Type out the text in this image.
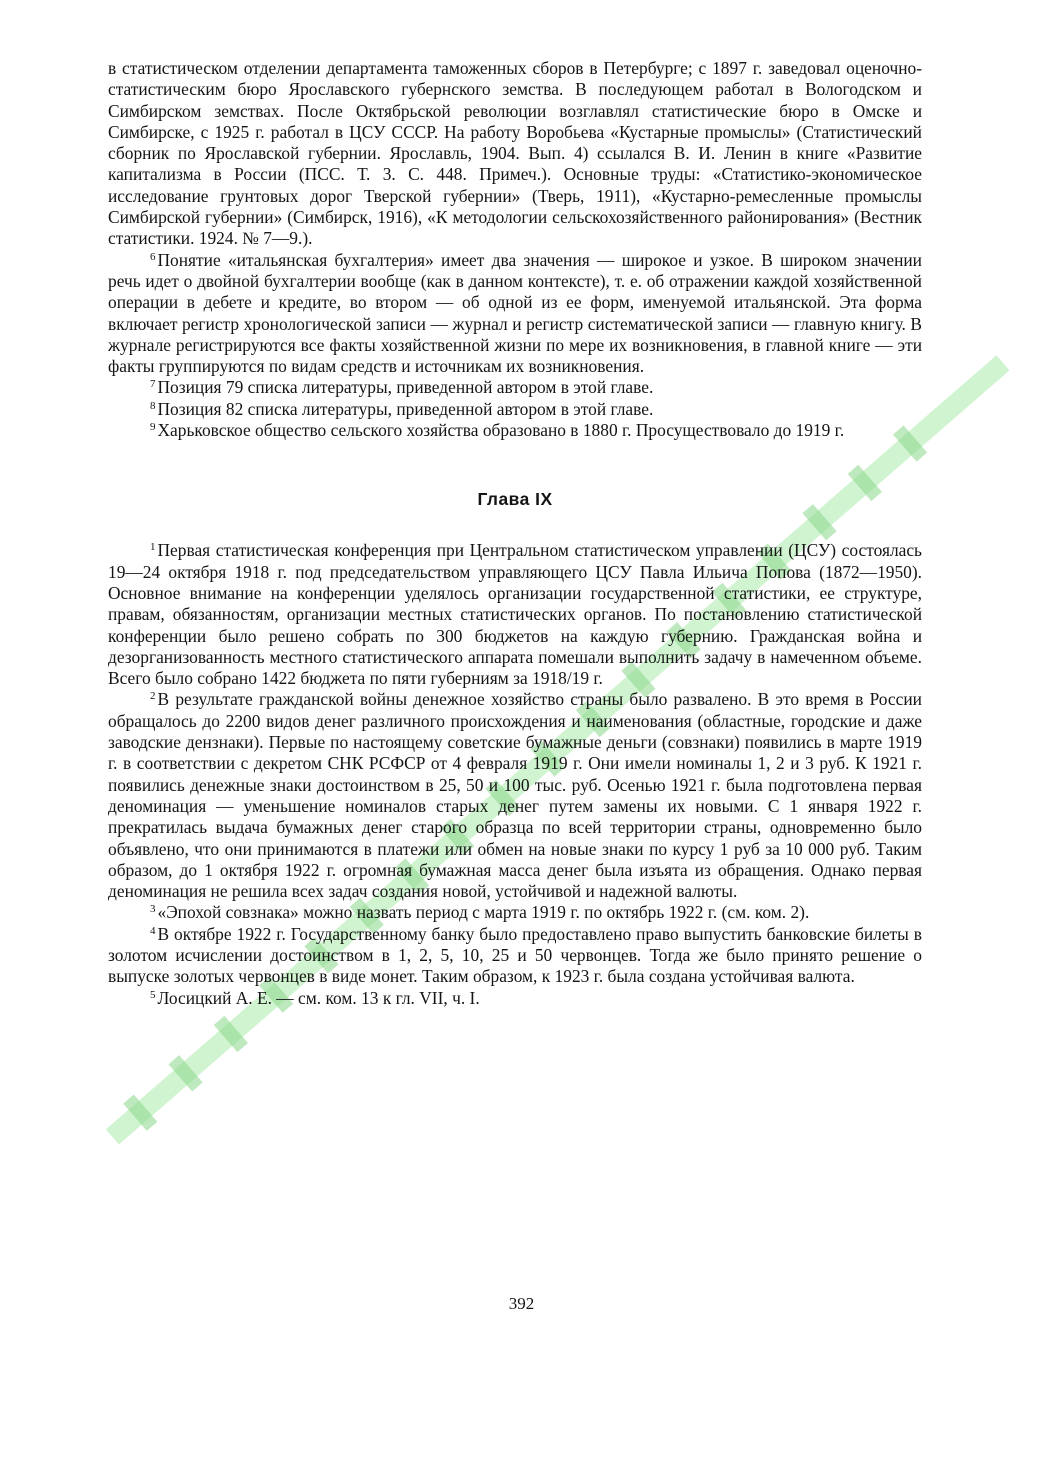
в статистическом отделении департамента таможенных сборов в Петербурге; с 1897 г. заведовал оценочно-статистическим бюро Ярославского губернского земства. В последующем работал в Вологодском и Симбирском земствах. После Октябрьской революции возглавлял статистические бюро в Омске и Симбирске, с 1925 г. работал в ЦСУ СССР. На работу Воробьева «Кустарные промыслы» (Статистический сборник по Ярославской губернии. Ярославль, 1904. Вып. 4) ссылался В. И. Ленин в книге «Развитие капитализма в России (ПСС. Т. 3. С. 448. Примеч.). Основные труды: «Статистико-экономическое исследование грунтовых дорог Тверской губернии» (Тверь, 1911), «Кустарно-ремесленные промыслы Симбирской губернии» (Симбирск, 1916), «К методологии сельскохозяйственного районирования» (Вестник статистики. 1924. № 7—9.).

$^6$ Понятие «итальянская бухгалтерия» имеет два значения — широкое и узкое. В широком значении речь идет о двойной бухгалтерии вообще (как в данном контексте), т. е. об отражении каждой хозяйственной операции в дебете и кредите, во втором — об одной из ее форм, именуемой итальянской. Эта форма включает регистр хронологической записи — журнал и регистр систематической записи — главную книгу. В журнале регистрируются все факты хозяйственной жизни по мере их возникновения, в главной книге — эти факты группируются по видам средств и источникам их возникновения.

$^7$ Позиция 79 списка литературы, приведенной автором в этой главе.

$^8$ Позиция 82 списка литературы, приведенной автором в этой главе.

$^9$ Харьковское общество сельского хозяйства образовано в 1880 г. Просуществовало до 1919 г.

Глава IX

$^1$ Первая статистическая конференция при Центральном статистическом управлении (ЦСУ) состоялась 19—24 октября 1918 г. под председательством управляющего ЦСУ Павла Ильича Попова (1872—1950). Основное внимание на конференции уделялось организации государственной статистики, ее структуре, правам, обязанностям, организации местных статистических органов. По постановлению статистической конференции было решено собрать по 300 бюджетов на каждую губернию. Гражданская война и дезорганизованность местного статистического аппарата помешали выполнить задачу в намеченном объеме. Всего было собрано 1422 бюджета по пяти губерниям за 1918/19 г.

$^2$ В результате гражданской войны денежное хозяйство страны было развалено. В это время в России обращалось до 2200 видов денег различного происхождения и наименования (областные, городские и даже заводские дензнаки). Первые по настоящему советские бумажные деньги (совзнаки) появились в марте 1919 г. в соответствии с декретом СНК РСФСР от 4 февраля 1919 г. Они имели номиналы 1, 2 и 3 руб. К 1921 г. появились денежные знаки достоинством в 25, 50 и 100 тыс. руб. Осенью 1921 г. была подготовлена первая деноминация — уменьшение номиналов старых денег путем замены их новыми. С 1 января 1922 г. прекратилась выдача бумажных денег старого образца по всей территории страны, одновременно было объявлено, что они принимаются в платежи или обмен на новые знаки по курсу 1 руб за 10 000 руб. Таким образом, до 1 октября 1922 г. огромная бумажная масса денег была изъята из обращения. Однако первая деноминация не решила всех задач создания новой, устойчивой и надежной валюты.

$^3$ «Эпохой совзнака» можно назвать период с марта 1919 г. по октябрь 1922 г. (см. ком. 2).

$^4$ В октябре 1922 г. Государственному банку было предоставлено право выпустить банковские билеты в золотом исчислении достоинством в 1, 2, 5, 10, 25 и 50 червонцев. Тогда же было принято решение о выпуске золотых червонцев в виде монет. Таким образом, к 1923 г. была создана устойчивая валюта.

$^5$ Лосицкий А. Е. — см. ком. 13 к гл. VII, ч. I.

392
